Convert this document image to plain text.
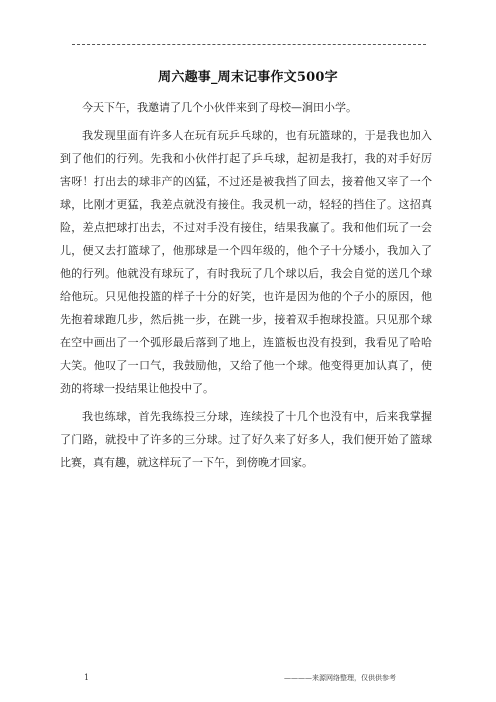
周六趣事_周末记事作文500字

今天下午，我邀请了几个小伙伴来到了母校—涧田小学。

我发现里面有许多人在玩有玩乒乓球的，也有玩篮球的，于是我也加入到了他们的行列。先我和小伙伴打起了乒乓球，起初是我打，我的对手好厉害呀！打出去的球非产的凶猛，不过还是被我挡了回去，接着他又宰了一个球，比刚才更猛，我差点就没有接住。我灵机一动，轻轻的挡住了。这招真险，差点把球打出去，不过对手没有接住，结果我赢了。我和他们玩了一会儿，便又去打篮球了，他那球是一个四年级的，他个子十分矮小，我加入了他的行列。他就没有球玩了，有时我玩了几个球以后，我会自觉的送几个球给他玩。只见他投篮的样子十分的好笑，也许是因为他的个子小的原因，他先抱着球跑几步，然后挑一步，在跳一步，接着双手抱球投篮。只见那个球在空中画出了一个弧形最后落到了地上，连篮板也没有投到，我看见了哈哈大笑。他叹了一口气，我鼓励他，又给了他一个球。他变得更加认真了，使劲的将球一投结果让他投中了。

我也练球，首先我练投三分球，连续投了十几个也没有中，后来我掌握了门路，就投中了许多的三分球。过了好久来了好多人，我们便开始了篮球比赛，真有趣，就这样玩了一下午，到傍晚才回家。

1	————来源网络整理，仅供供参考
